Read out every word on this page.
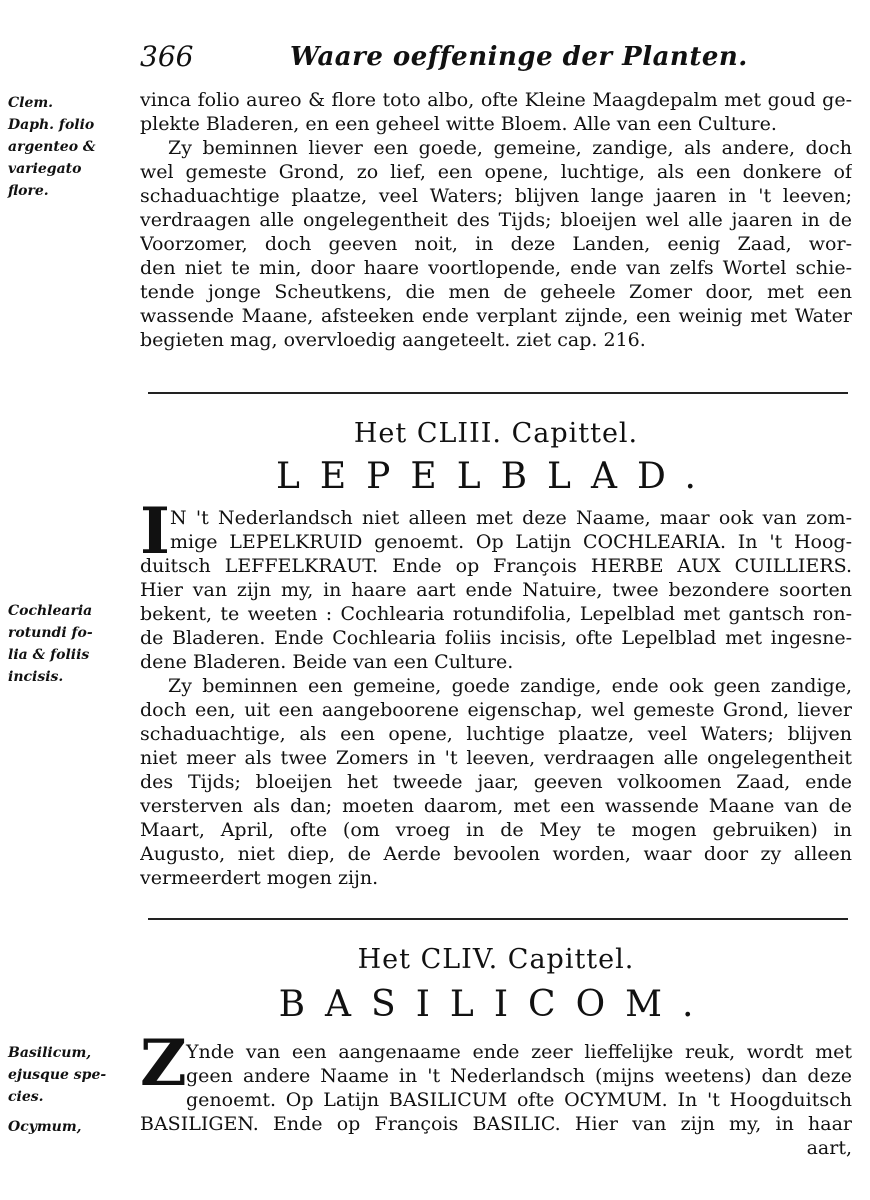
366	Waare oeffeninge der Planten.
Clem.
Daph. folio
argenteo &
variegato
flore.
vinca folio aureo & flore toto albo, ofte Kleine Maagdepalm met goud ge-
plekte Bladeren, en een geheel witte Bloem. Alle van een Culture.
Zy beminnen liever een goede, gemeine, zandige, als andere, doch
wel gemeste Grond, zo lief, een opene, luchtige, als een donkere of
schaduachtige plaatze, veel Waters; blijven lange jaaren in 't leeven;
verdraagen alle ongelegentheit des Tijds; bloeijen wel alle jaaren in de
Voorzomer, doch geeven noit, in deze Landen, eenig Zaad, wor-
den niet te min, door haare voortlopende, ende van zelfs Wortel schie-
tende jonge Scheutkens, die men de geheele Zomer door, met een
wassende Maane, afsteeken ende verplant zijnde, een weinig met Water
begieten mag, overvloedig aangeteelt. ziet cap. 216.
Het CLIII. Capittel.
LEPELBLAD.
I
Cochlearia
rotundi fo-
lia & foliis
incisis.
N 't Nederlandsch niet alleen met deze Naame, maar ook van zom-
mige LEPELKRUID genoemt. Op Latijn COCHLEARIA. In 't Hoog-
duitsch LEFFELKRAUT. Ende op François HERBE AUX CUILLIERS.
Hier van zijn my, in haare aart ende Natuire, twee bezondere soorten
bekent, te weeten : Cochlearia rotundifolia, Lepelblad met gantsch ron-
de Bladeren. Ende Cochlearia foliis incisis, ofte Lepelblad met ingesne-
dene Bladeren. Beide van een Culture.
Zy beminnen een gemeine, goede zandige, ende ook geen zandige,
doch een, uit een aangeboorene eigenschap, wel gemeste Grond, liever
schaduachtige, als een opene, luchtige plaatze, veel Waters; blijven
niet meer als twee Zomers in 't leeven, verdraagen alle ongelegentheit
des Tijds; bloeijen het tweede jaar, geeven volkoomen Zaad, ende
versterven als dan; moeten daarom, met een wassende Maane van de
Maart, April, ofte (om vroeg in de Mey te mogen gebruiken) in
Augusto, niet diep, de Aerde bevoolen worden, waar door zy alleen
vermeerdert mogen zijn.
Het CLIV. Capittel.
BASILICOM.
Z
Basilicum,
ejusque spe-
cies.
Ocymum,
Ynde van een aangenaame ende zeer lieffelijke reuk, wordt met
geen andere Naame in 't Nederlandsch (mijns weetens) dan deze
genoemt. Op Latijn BASILICUM ofte OCYMUM. In 't Hoogduitsch
BASILIGEN. Ende op François BASILIC. Hier van zijn my, in haar
aart,
